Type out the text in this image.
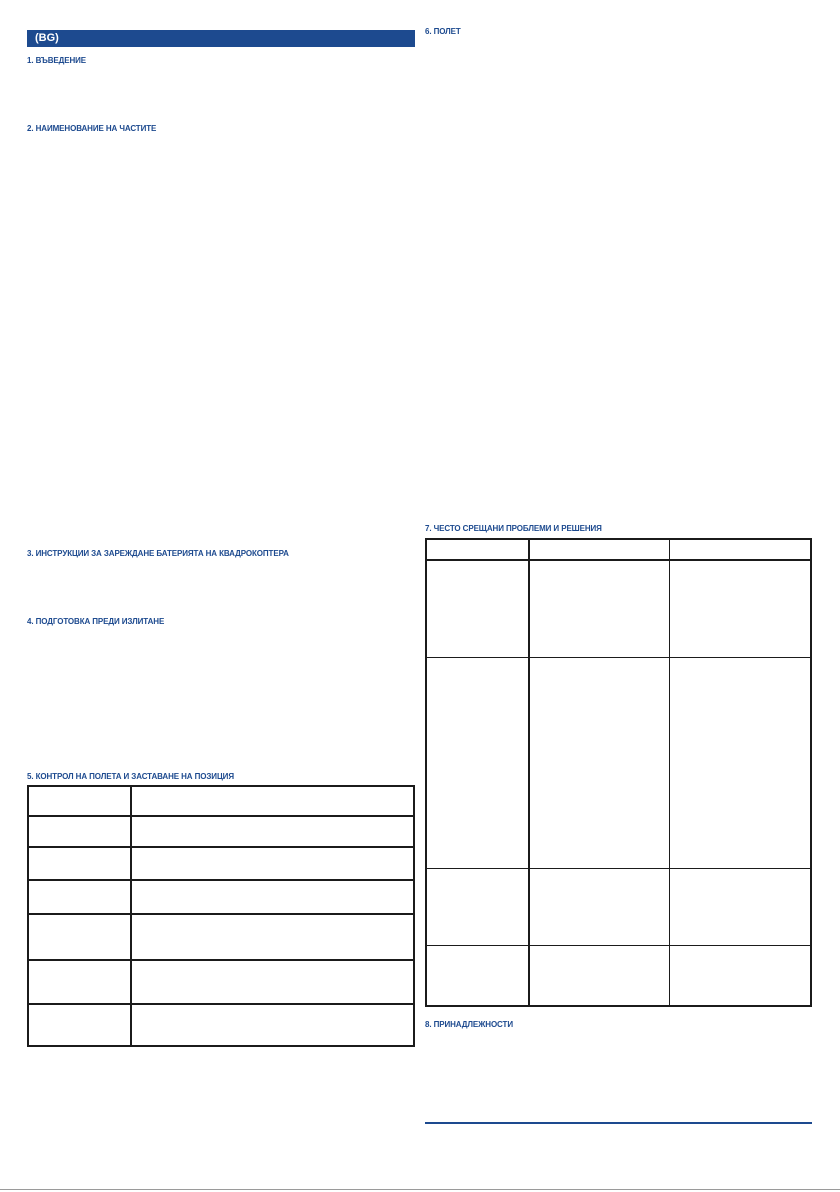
(BG)
1. ВЪВЕДЕНИЕ
2. НАИМЕНОВАНИЕ НА ЧАСТИТЕ
3. ИНСТРУКЦИИ ЗА ЗАРЕЖДАНЕ БАТЕРИЯТА НА КВАДРОКОПТЕРА
4. ПОДГОТОВКА ПРЕДИ ИЗЛИТАНЕ
5. КОНТРОЛ НА ПОЛЕТА И ЗАСТАВАНЕ НА ПОЗИЦИЯ
6. ПОЛЕТ
7. ЧЕСТО СРЕЩАНИ ПРОБЛЕМИ И РЕШЕНИЯ
8. ПРИНАДЛЕЖНОСТИ
